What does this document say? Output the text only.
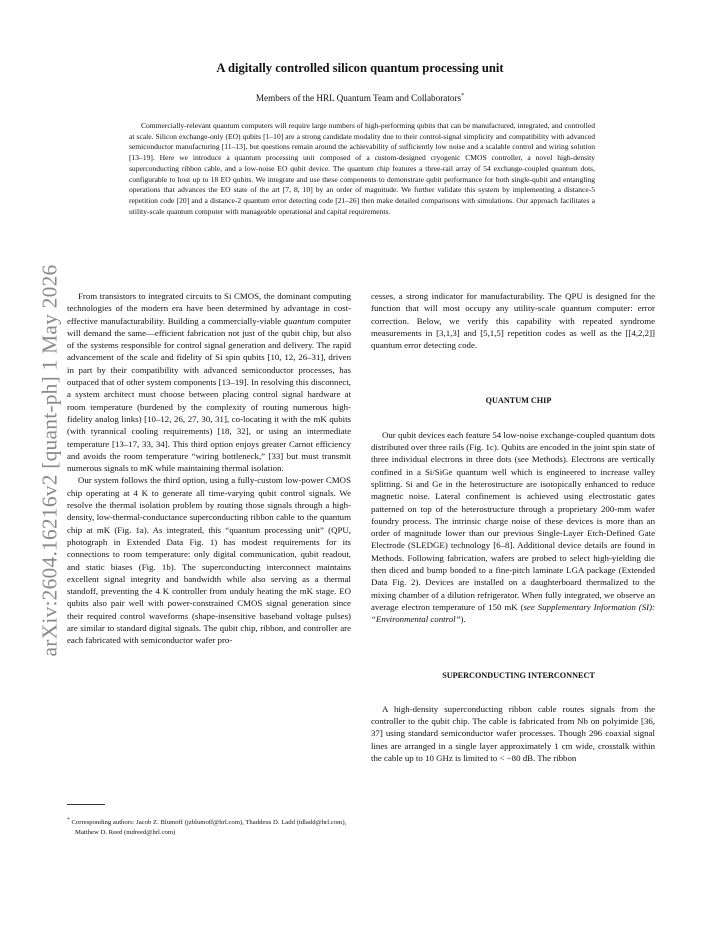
arXiv:2604.16216v2 [quant-ph] 1 May 2026
A digitally controlled silicon quantum processing unit
Members of the HRL Quantum Team and Collaborators*

Commercially-relevant quantum computers will require large numbers of high-performing qubits that can be manufactured, integrated, and controlled at scale. Silicon exchange-only (EO) qubits [1–10] are a strong candidate modality due to their control-signal simplicity and compatibility with advanced semiconductor manufacturing [11–13], but questions remain around the achievability of sufficiently low noise and a scalable control and wiring solution [13–19]. Here we introduce a quantum processing unit composed of a custom-designed cryogenic CMOS controller, a novel high-density superconducting ribbon cable, and a low-noise EO qubit device. The quantum chip features a three-rail array of 54 exchange-coupled quantum dots, configurable to host up to 18 EO qubits. We integrate and use these components to demonstrate qubit performance for both single-qubit and entangling operations that advances the EO state of the art [7, 8, 10] by an order of magnitude. We further validate this system by implementing a distance-5 repetition code [20] and a distance-2 quantum error detecting code [21–26] then make detailed comparisons with simulations. Our approach facilitates a utility-scale quantum computer with manageable operational and capital requirements.

From transistors to integrated circuits to Si CMOS, the dominant computing technologies of the modern era have been determined by advantage in cost-effective manufacturability. Building a commercially-viable quantum computer will demand the same—efficient fabrication not just of the qubit chip, but also of the systems responsible for control signal generation and delivery. The rapid advancement of the scale and fidelity of Si spin qubits [10, 12, 26–31], driven in part by their compatibility with advanced semiconductor processes, has outpaced that of other system components [13–19]. In resolving this disconnect, a system architect must choose between placing control signal hardware at room temperature (burdened by the complexity of routing numerous high-fidelity analog links) [10–12, 26, 27, 30, 31], co-locating it with the mK qubits (with tyrannical cooling requirements) [18, 32], or using an intermediate temperature [13–17, 33, 34]. This third option enjoys greater Carnot efficiency and avoids the room temperature “wiring bottleneck,” [33] but must transmit numerous signals to mK while maintaining thermal isolation.

Our system follows the third option, using a fully-custom low-power CMOS chip operating at 4 K to generate all time-varying qubit control signals. We resolve the thermal isolation problem by routing those signals through a high-density, low-thermal-conductance superconducting ribbon cable to the quantum chip at mK (Fig. 1a). As integrated, this “quantum processing unit” (QPU, photograph in Extended Data Fig. 1) has modest requirements for its connections to room temperature: only digital communication, qubit readout, and static biases (Fig. 1b). The superconducting interconnect maintains excellent signal integrity and bandwidth while also serving as a thermal standoff, preventing the 4 K controller from unduly heating the mK stage. EO qubits also pair well with power-constrained CMOS signal generation since their required control waveforms (shape-insensitive baseband voltage pulses) are similar to standard digital signals. The qubit chip, ribbon, and controller are each fabricated with semiconductor wafer pro-

cesses, a strong indicator for manufacturability. The QPU is designed for the function that will most occupy any utility-scale quantum computer: error correction. Below, we verify this capability with repeated syndrome measurements in [3,1,3] and [5,1,5] repetition codes as well as the [[4,2,2]] quantum error detecting code.

QUANTUM CHIP

Our qubit devices each feature 54 low-noise exchange-coupled quantum dots distributed over three rails (Fig. 1c). Qubits are encoded in the joint spin state of three individual electrons in three dots (see Methods). Electrons are vertically confined in a Si/SiGe quantum well which is engineered to increase valley splitting. Si and Ge in the heterostructure are isotopically enhanced to reduce magnetic noise. Lateral confinement is achieved using electrostatic gates patterned on top of the heterostructure through a proprietary 200-mm wafer foundry process. The intrinsic charge noise of these devices is more than an order of magnitude lower than our previous Single-Layer Etch-Defined Gate Electrode (SLEDGE) technology [6–8]. Additional device details are found in Methods. Following fabrication, wafers are probed to select high-yielding die then diced and bump bonded to a fine-pitch laminate LGA package (Extended Data Fig. 2). Devices are installed on a daughterboard thermalized to the mixing chamber of a dilution refrigerator. When fully integrated, we observe an average electron temperature of 150 mK (see Supplementary Information (SI): “Environmental control”).

SUPERCONDUCTING INTERCONNECT

A high-density superconducting ribbon cable routes signals from the controller to the qubit chip. The cable is fabricated from Nb on polyimide [36, 37] using standard semiconductor wafer processes. Though 296 coaxial signal lines are arranged in a single layer approximately 1 cm wide, crosstalk within the cable up to 10 GHz is limited to < −80 dB. The ribbon

* Corresponding authors: Jacob Z. Blumoff (jzblumoff@hrl.com), Thaddeus D. Ladd (tdladd@hrl.com), Matthew D. Reed (mdreed@hrl.com)
